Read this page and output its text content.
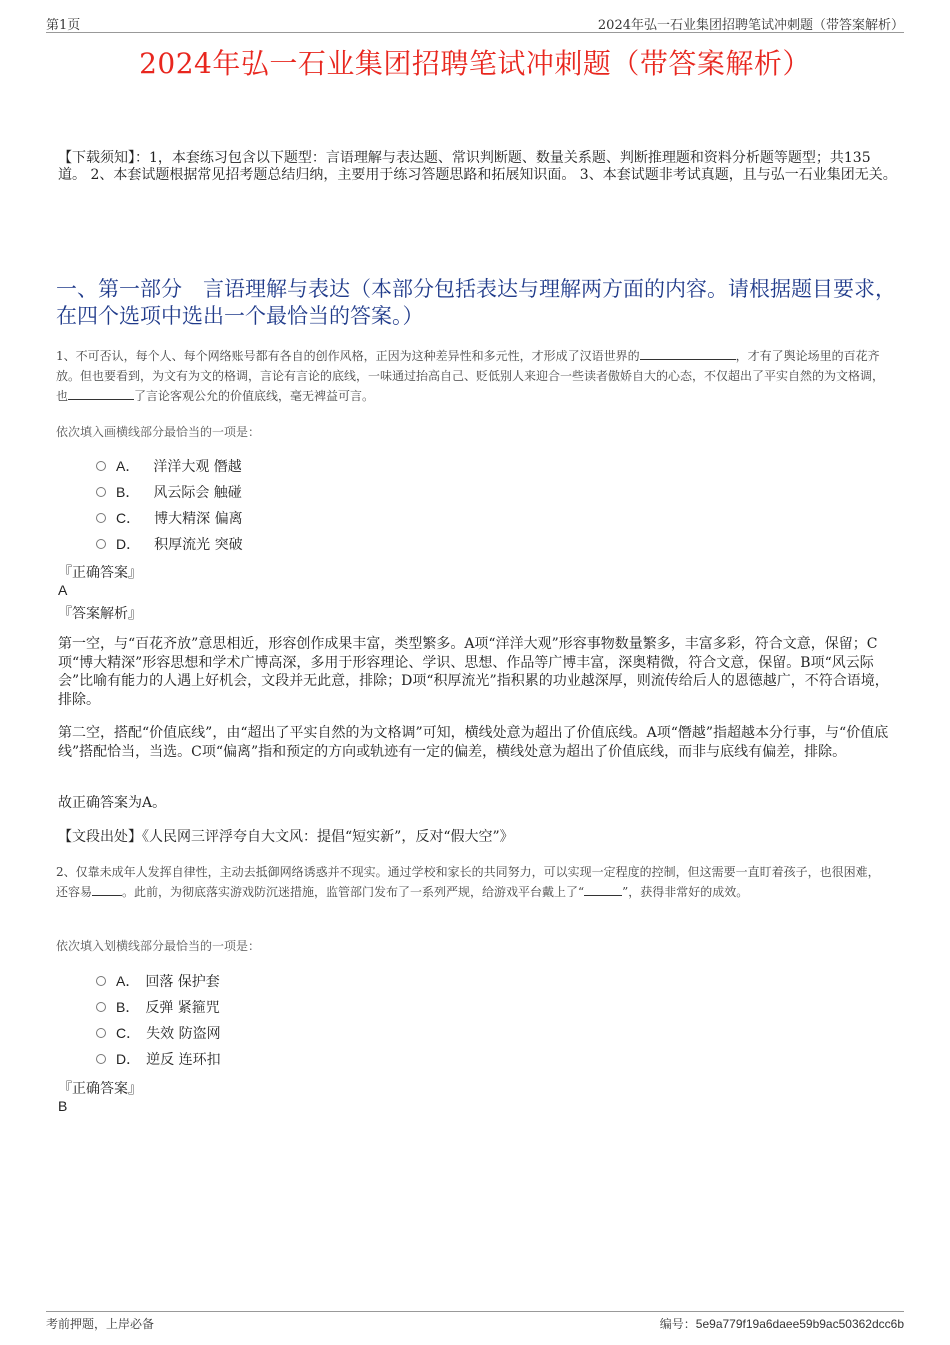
第1页	2024年弘一石业集团招聘笔试冲刺题（带答案解析）
2024年弘一石业集团招聘笔试冲刺题（带答案解析）
【下载须知】：1，本套练习包含以下题型：言语理解与表达题、常识判断题、数量关系题、判断推理题和资料分析题等题型；共135道。 2、本套试题根据常见招考题总结归纳，主要用于练习答题思路和拓展知识面。 3、本套试题非考试真题，且与弘一石业集团无关。
一、第一部分　言语理解与表达（本部分包括表达与理解两方面的内容。请根据题目要求，在四个选项中选出一个最恰当的答案。）
1、不可否认，每个人、每个网络账号都有各自的创作风格，正因为这种差异性和多元性，才形成了汉语世界的	，才有了舆论场里的百花齐放。但也要看到，为文有为文的格调，言论有言论的底线，一味通过抬高自己、贬低别人来迎合一些读者傲娇自大的心态，不仅超出了平实自然的为文格调，也	了言论客观公允的价值底线，毫无裨益可言。
依次填入画横线部分最恰当的一项是：
A． 洋洋大观 僭越
B． 风云际会 触碰
C． 博大精深 偏离
D． 积厚流光 突破
『正确答案』
A
『答案解析』
第一空，与“百花齐放”意思相近，形容创作成果丰富，类型繁多。A项“洋洋大观”形容事物数量繁多，丰富多彩，符合文意，保留；C项“博大精深”形容思想和学术广博高深，多用于形容理论、学识、思想、作品等广博丰富，深奥精微，符合文意，保留。B项“风云际会”比喻有能力的人遇上好机会，文段并无此意，排除；D项“积厚流光”指积累的功业越深厚，则流传给后人的恩德越广，不符合语境，排除。
第二空，搭配“价值底线”，由“超出了平实自然的为文格调”可知，横线处意为超出了价值底线。A项“僭越”指超越本分行事，与“价值底线”搭配恰当，当选。C项“偏离”指和预定的方向或轨迹有一定的偏差，横线处意为超出了价值底线，而非与底线有偏差，排除。
故正确答案为A。
【文段出处】《人民网三评浮夸自大文风：提倡“短实新”，反对“假大空”》
2、仅靠未成年人发挥自律性，主动去抵御网络诱惑并不现实。通过学校和家长的共同努力，可以实现一定程度的控制，但这需要一直盯着孩子，也很困难，还容易	。此前，为彻底落实游戏防沉迷措施，监管部门发布了一系列严规，给游戏平台戴上了“	”，获得非常好的成效。
依次填入划横线部分最恰当的一项是：
A． 回落 保护套
B． 反弹 紧箍咒
C． 失效 防盗网
D． 逆反 连环扣
『正确答案』
B
考前押题，上岸必备	编号：5e9a779f19a6daee59b9ac50362dcc6b
